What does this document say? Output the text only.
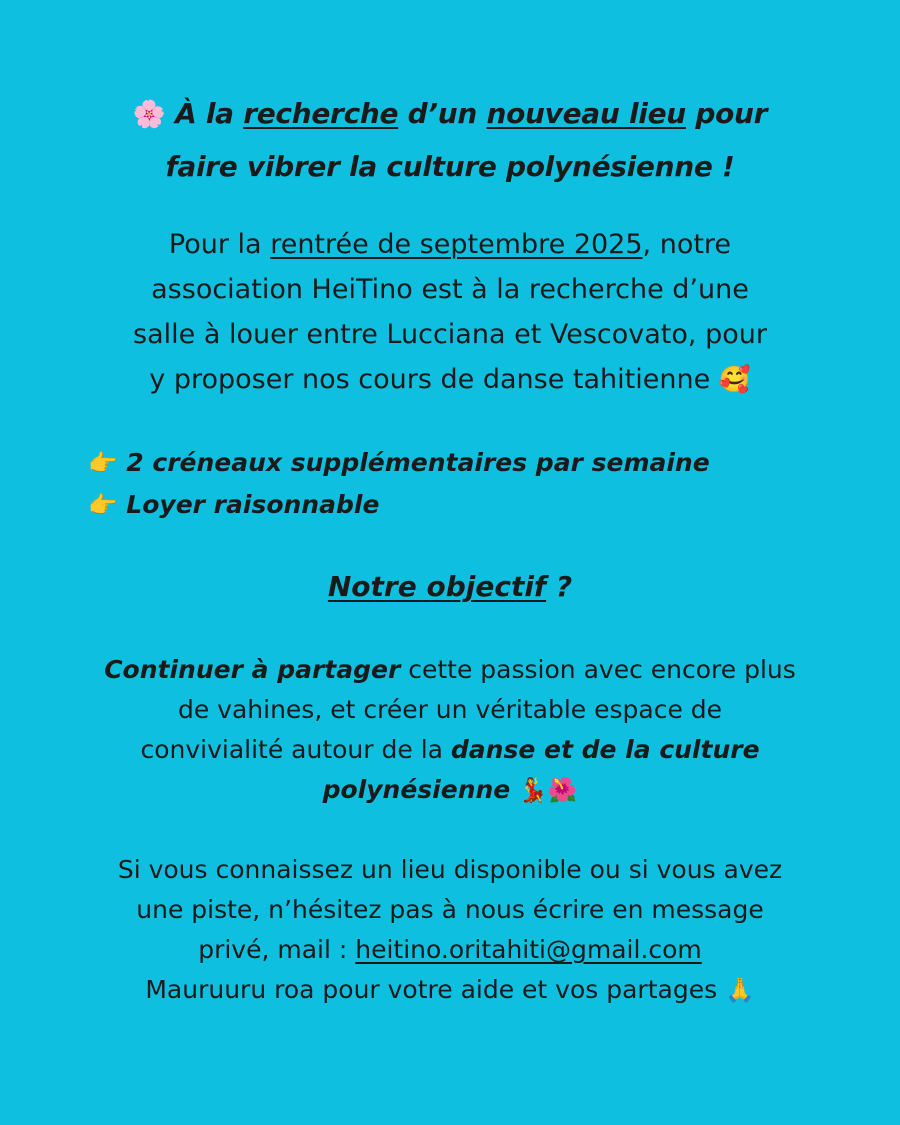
🌸 À la recherche d’un nouveau lieu pour
faire vibrer la culture polynésienne !
Pour la rentrée de septembre 2025, notre
association HeiTino est à la recherche d’une
salle à louer entre Lucciana et Vescovato, pour
y proposer nos cours de danse tahitienne 🥰
👉 2 créneaux supplémentaires par semaine
👉 Loyer raisonnable
Notre objectif ?
Continuer à partager cette passion avec encore plus
de vahines, et créer un véritable espace de
convivialité autour de la danse et de la culture
polynésienne 💃🌺
Si vous connaissez un lieu disponible ou si vous avez
une piste, n’hésitez pas à nous écrire en message
privé, mail : heitino.oritahiti@gmail.com
Mauruuru roa pour votre aide et vos partages 🙏
